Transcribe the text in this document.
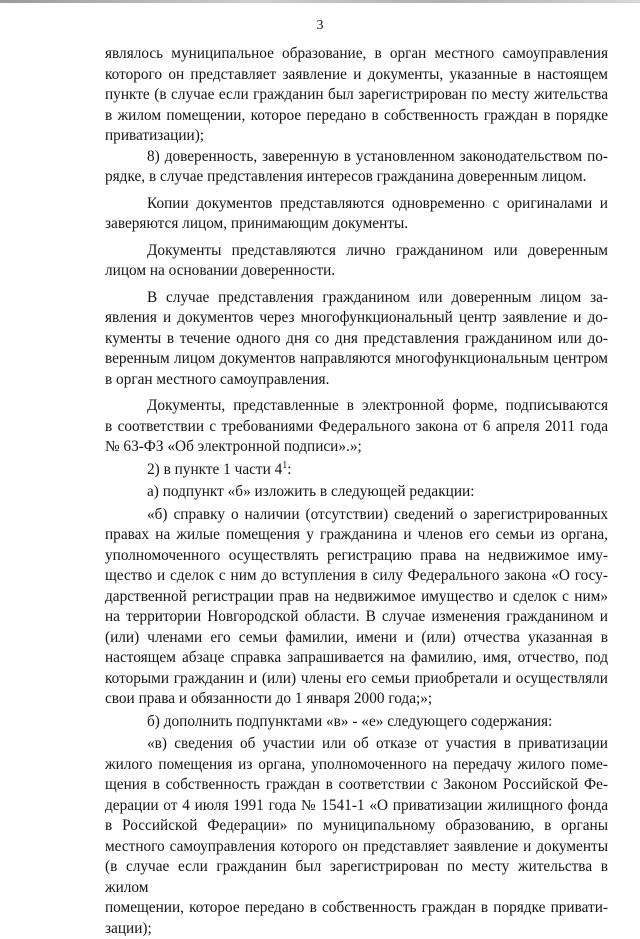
3

являлось муниципальное образование, в орган местного самоуправления

которого он представляет заявление и документы, указанные в настоящем

пункте (в случае если гражданин был зарегистрирован по месту жительства

в жилом помещении, которое передано в собственность граждан в порядке

приватизации);

8) доверенность, заверенную в установленном законодательством по-

рядке, в случае представления интересов гражданина доверенным лицом.

Копии документов представляются одновременно с оригиналами и

заверяются лицом, принимающим документы.

Документы представляются лично гражданином или доверенным

лицом на основании доверенности.

В случае представления гражданином или доверенным лицом за-

явления и документов через многофункциональный центр заявление и до-

кументы в течение одного дня со дня представления гражданином или до-

веренным лицом документов направляются многофункциональным центром

в орган местного самоуправления.

Документы, представленные в электронной форме, подписываются

в соответствии с требованиями Федерального закона от 6 апреля 2011 года

№ 63-ФЗ «Об электронной подписи».»;

2) в пункте 1 части $4^1$:

а) подпункт «б» изложить в следующей редакции:

«б) справку о наличии (отсутствии) сведений о зарегистрированных

правах на жилые помещения у гражданина и членов его семьи из органа,

уполномоченного осуществлять регистрацию права на недвижимое иму-

щество и сделок с ним до вступления в силу Федерального закона «О госу-

дарственной регистрации прав на недвижимое имущество и сделок с ним»

на территории Новгородской области. В случае изменения гражданином и

(или) членами его семьи фамилии, имени и (или) отчества указанная в

настоящем абзаце справка запрашивается на фамилию, имя, отчество, под

которыми гражданин и (или) члены его семьи приобретали и осуществляли

свои права и обязанности до 1 января 2000 года;»;

б) дополнить подпунктами «в» - «е» следующего содержания:

«в) сведения об участии или об отказе от участия в приватизации

жилого помещения из органа, уполномоченного на передачу жилого поме-

щения в собственность граждан в соответствии с Законом Российской Фе-

дерации от 4 июля 1991 года № 1541-1 «О приватизации жилищного фонда

в Российской Федерации» по муниципальному образованию, в органы

местного самоуправления которого он представляет заявление и документы

(в случае если гражданин был зарегистрирован по месту жительства в жилом

помещении, которое передано в собственность граждан в порядке привати-

зации);
